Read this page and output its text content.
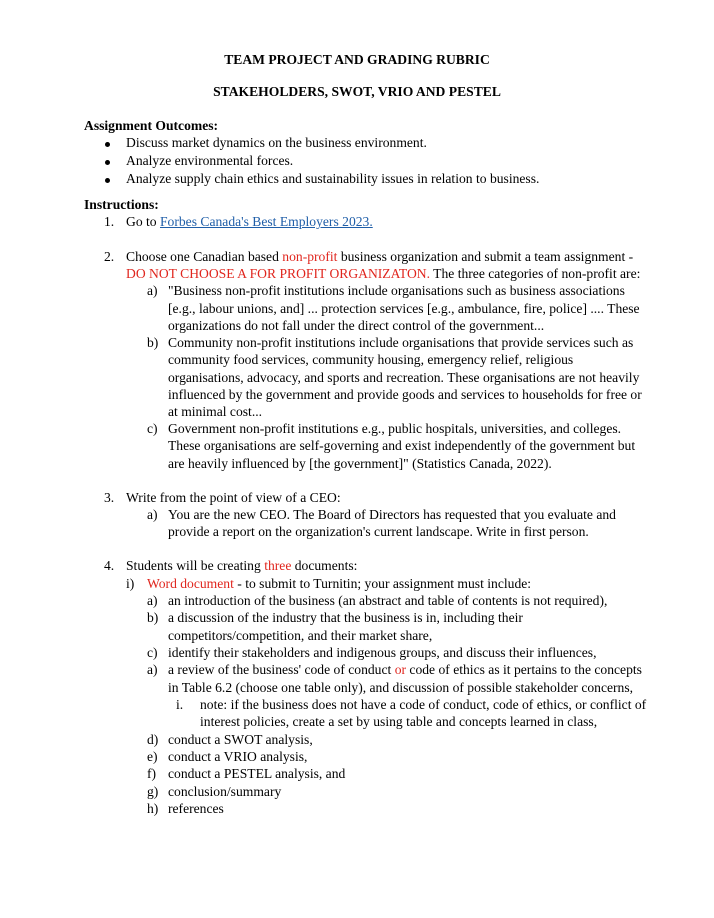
TEAM PROJECT AND GRADING RUBRIC
STAKEHOLDERS, SWOT, VRIO AND PESTEL
Assignment Outcomes:
Discuss market dynamics on the business environment.
Analyze environmental forces.
Analyze supply chain ethics and sustainability issues in relation to business.
Instructions:
1. Go to Forbes Canada's Best Employers 2023.
2. Choose one Canadian based non-profit business organization and submit a team assignment -
DO NOT CHOOSE A FOR PROFIT ORGANIZATON. The three categories of non-profit are:
a) "Business non-profit institutions include organisations such as business associations
[e.g., labour unions, and] ... protection services [e.g., ambulance, fire, police] .... These
organizations do not fall under the direct control of the government...
b) Community non-profit institutions include organisations that provide services such as
community food services, community housing, emergency relief, religious
organisations, advocacy, and sports and recreation. These organisations are not heavily
influenced by the government and provide goods and services to households for free or
at minimal cost...
c) Government non-profit institutions e.g., public hospitals, universities, and colleges.
These organisations are self-governing and exist independently of the government but
are heavily influenced by [the government]" (Statistics Canada, 2022).
3. Write from the point of view of a CEO:
a) You are the new CEO. The Board of Directors has requested that you evaluate and
provide a report on the organization's current landscape. Write in first person.
4. Students will be creating three documents:
i) Word document - to submit to Turnitin; your assignment must include:
a) an introduction of the business (an abstract and table of contents is not required),
b) a discussion of the industry that the business is in, including their
competitors/competition, and their market share,
c) identify their stakeholders and indigenous groups, and discuss their influences,
a) a review of the business' code of conduct or code of ethics as it pertains to the concepts
in Table 6.2 (choose one table only), and discussion of possible stakeholder concerns,
i. note: if the business does not have a code of conduct, code of ethics, or conflict of
interest policies, create a set by using table and concepts learned in class,
d) conduct a SWOT analysis,
e) conduct a VRIO analysis,
f) conduct a PESTEL analysis, and
g) conclusion/summary
h) references
